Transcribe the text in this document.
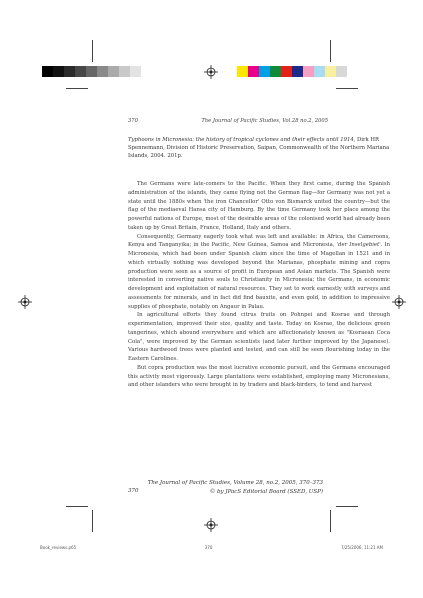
370	The Journal of Pacific Studies, Vol.28 no.2, 2005
Typhoons in Micronesia: the history of tropical cyclones and their effects until 1914, Dirk HR Spennemann, Division of Historic Preservation, Saipan, Commonwealth of the Northern Mariana Islands, 2004. 201p.

The Germans were late-comers to the Pacific. When they first came, during the Spanish administration of the islands, they came flying not the German flag—for Germany was not yet a state until the 1880s when 'the iron Chancellor' Otto von Bismarck united the country—but the flag of the mediaeval Hansa city of Hamburg. By the time Germany took her place among the powerful nations of Europe, most of the desirable areas of the colonised world had already been taken up by Great Britain, France, Holland, Italy and others.

Consequently, Germany eagerly took what was left and available: in Africa, the Cameroons, Kenya and Tanganyika; in the Pacific, New Guinea, Samoa and Micronesia, 'der Inselgebiet'. In Micronesia, which had been under Spanish claim since the time of Magellan in 1521 and in which virtually nothing was developed beyond the Marianas, phosphate mining and copra production were seen as a source of profit in European and Asian markets. The Spanish were interested in converting native souls to Christianity in Micronesia; the Germans, in economic development and exploitation of natural resources. They set to work earnestly with surveys and assessments for minerals, and in fact did find bauxite, and even gold, in addition to impressive supplies of phosphate, notably on Angaur in Palau.

In agricultural efforts they found citrus fruits on Pohnpei and Kosrae and through experimentation, improved their size, quality and taste. Today on Kosrae, the delicious green tangerines, which abound everywhere and which are affectionately known as "Kosraean Coca Cola", were improved by the German scientists (and later further improved by the Japanese). Various hardwood trees were planted and tested, and can still be seen flourishing today in the Eastern Carolines.

But copra production was the most lucrative economic pursuit, and the Germans encouraged this activity most vigorously. Large plantations were established, employing many Micronesians, and other islanders who were brought in by traders and black-birders, to tend and harvest

The Journal of Pacific Studies, Volume 28, no.2, 2005, 370–373
© by JPacS Editorial Board (SSED, USP)
370
Book_reviews.p65	370	7/25/2006, 11:21 AM
